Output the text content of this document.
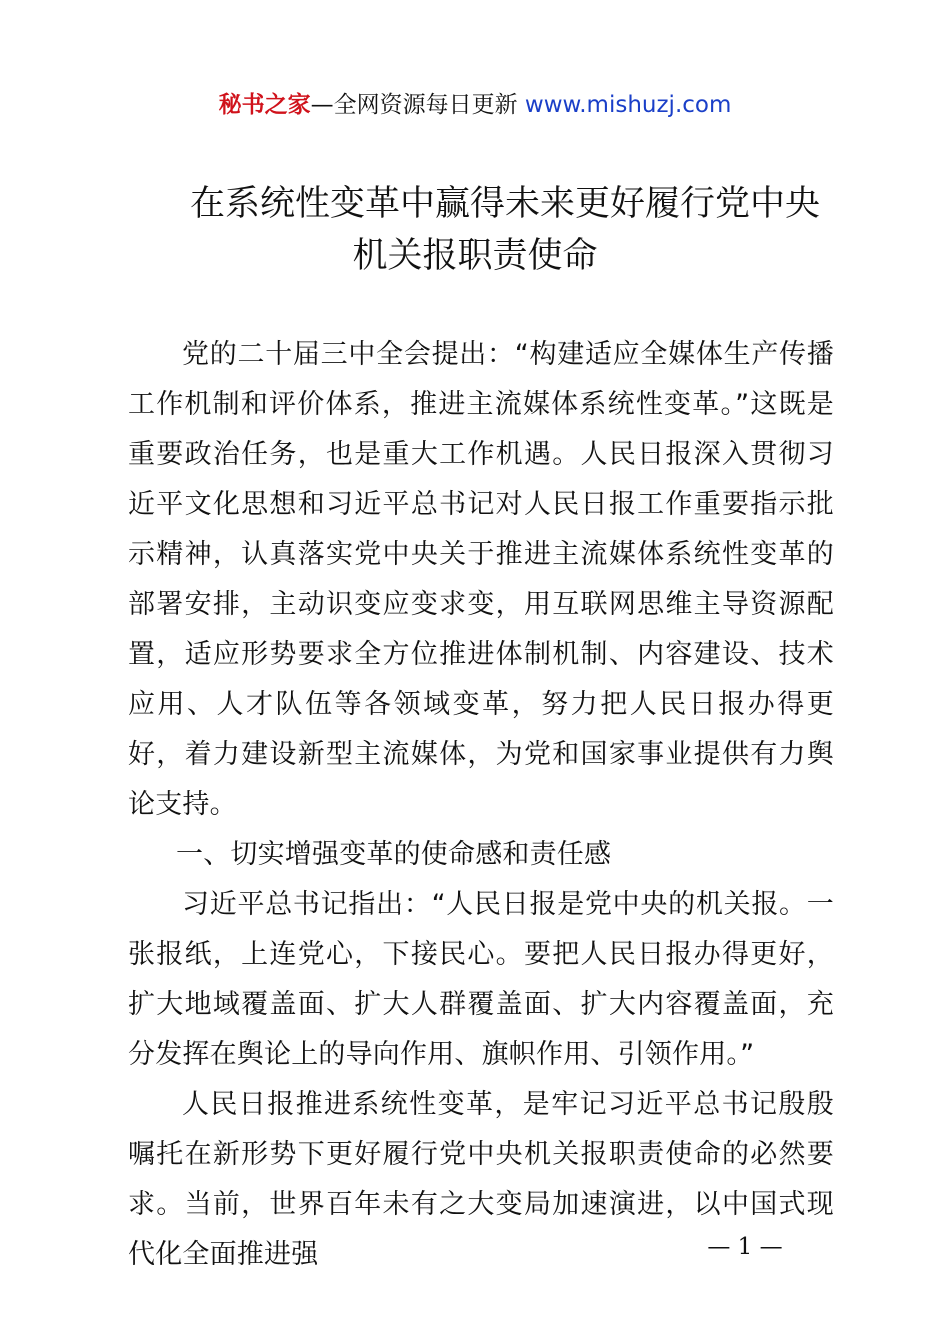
秘书之家—全网资源每日更新 www.mishuzj.com
在系统性变革中赢得未来更好履行党中央
机关报职责使命

党的二十届三中全会提出：“构建适应全媒体生产传播工作机制和评价体系，推进主流媒体系统性变革。”这既是重要政治任务，也是重大工作机遇。人民日报深入贯彻习近平文化思想和习近平总书记对人民日报工作重要指示批示精神，认真落实党中央关于推进主流媒体系统性变革的部署安排，主动识变应变求变，用互联网思维主导资源配置，适应形势要求全方位推进体制机制、内容建设、技术应用、人才队伍等各领域变革，努力把人民日报办得更好，着力建设新型主流媒体，为党和国家事业提供有力舆论支持。

一、切实增强变革的使命感和责任感

习近平总书记指出：“人民日报是党中央的机关报。一张报纸，上连党心，下接民心。要把人民日报办得更好，扩大地域覆盖面、扩大人群覆盖面、扩大内容覆盖面，充分发挥在舆论上的导向作用、旗帜作用、引领作用。”

人民日报推进系统性变革，是牢记习近平总书记殷殷嘱托在新形势下更好履行党中央机关报职责使命的必然要求。当前，世界百年未有之大变局加速演进，以中国式现代化全面推进强	— 1 —
